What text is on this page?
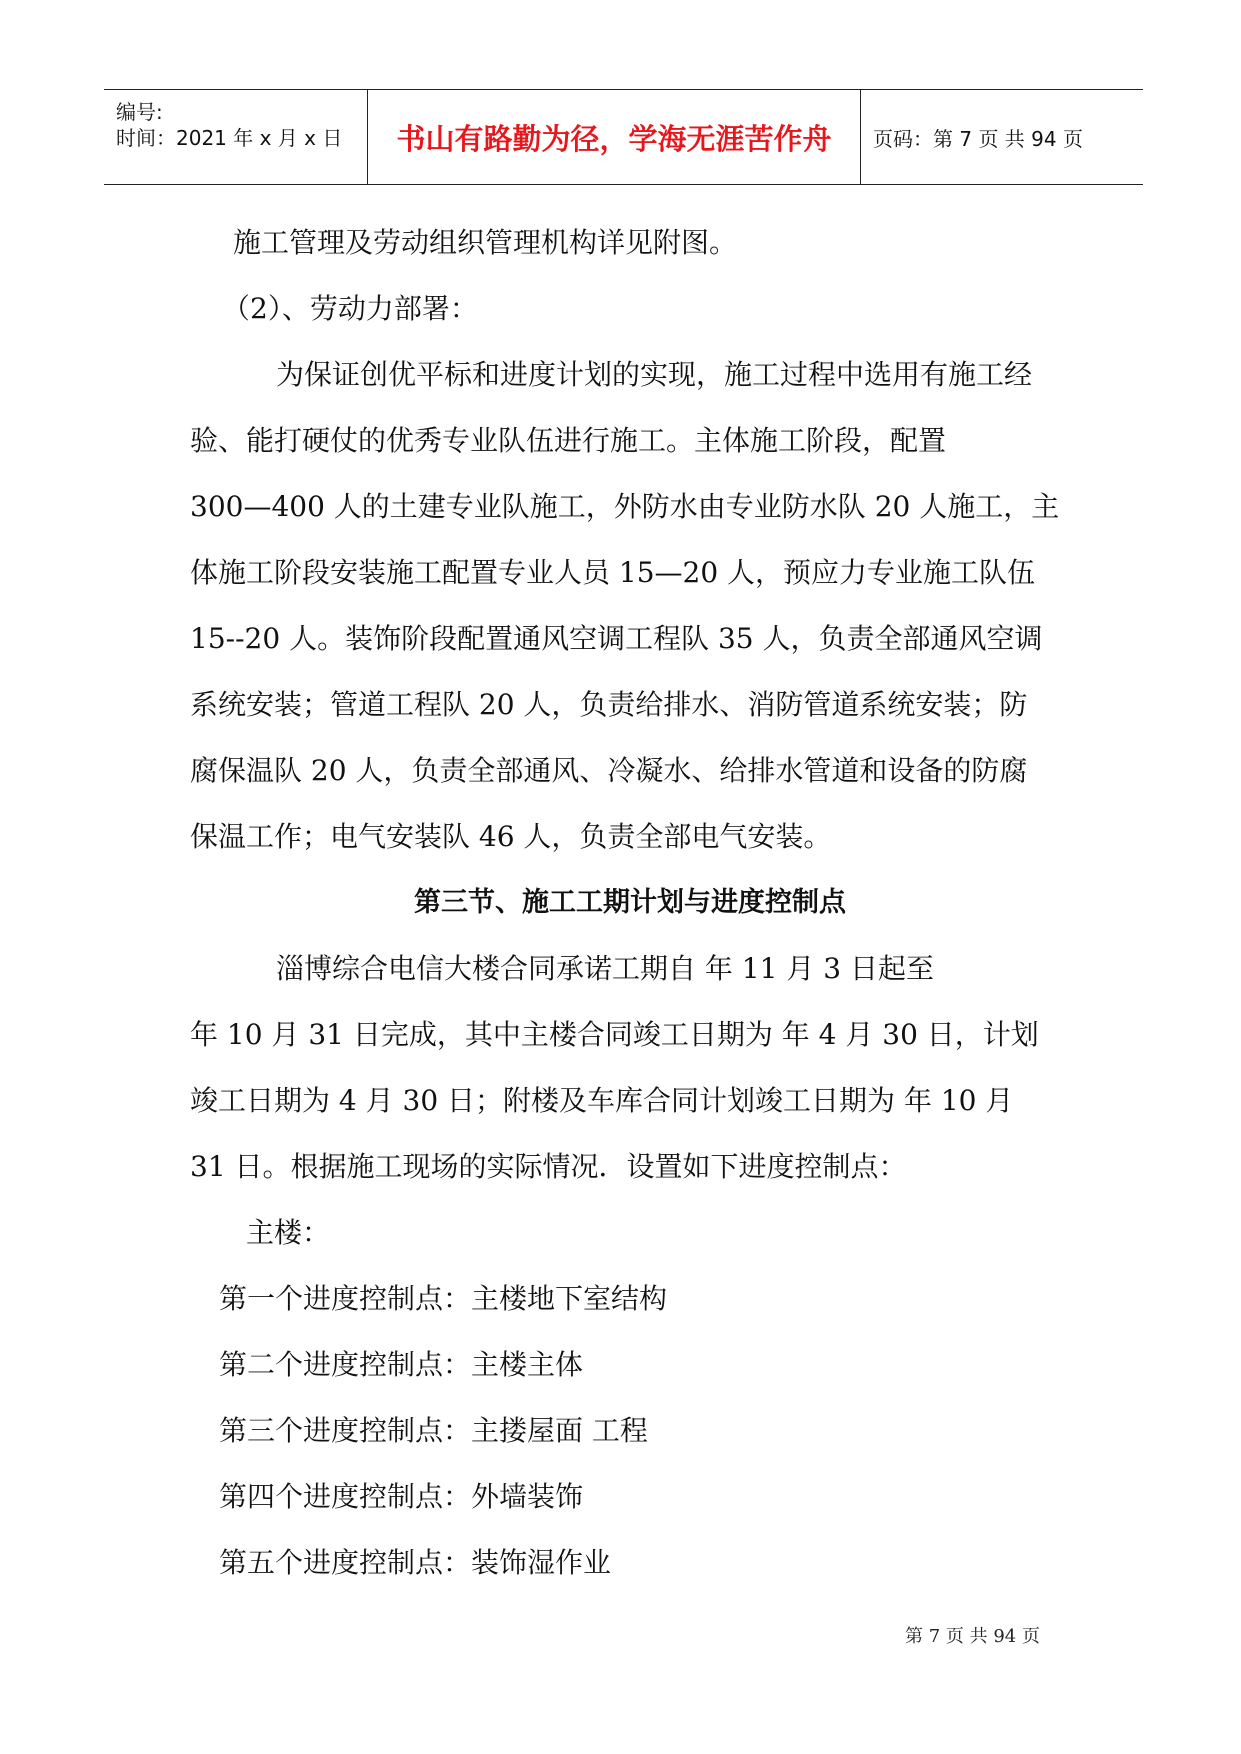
编号:
时间：2021 年 x 月 x 日	书山有路勤为径，学海无涯苦作舟	页码：第 7 页 共 94 页

施工管理及劳动组织管理机构详见附图。

（2）、劳动力部署：

为保证创优平标和进度计划的实现，施工过程中选用有施工经

验、能打硬仗的优秀专业队伍进行施工。主体施工阶段，配置

300—400 人的土建专业队施工，外防水由专业防水队 20 人施工，主

体施工阶段安装施工配置专业人员 15—20 人，预应力专业施工队伍

15--20 人。装饰阶段配置通风空调工程队 35 人，负责全部通风空调

系统安装；管道工程队 20 人，负责给排水、消防管道系统安装；防

腐保温队 20 人，负责全部通风、冷凝水、给排水管道和设备的防腐

保温工作；电气安装队 46 人，负责全部电气安装。

第三节、施工工期计划与进度控制点

淄博综合电信大楼合同承诺工期自 年 11 月 3 日起至

年 10 月 31 日完成，其中主楼合同竣工日期为 年 4 月 30 日，计划

竣工日期为 4 月 30 日；附楼及车库合同计划竣工日期为 年 10 月

31 日。根据施工现场的实际情况．设置如下进度控制点：

主楼：

第一个进度控制点：主楼地下室结构

第二个进度控制点：主楼主体

第三个进度控制点：主搂屋面 工程

第四个进度控制点：外墙装饰

第五个进度控制点：装饰湿作业

第 7 页 共 94 页
